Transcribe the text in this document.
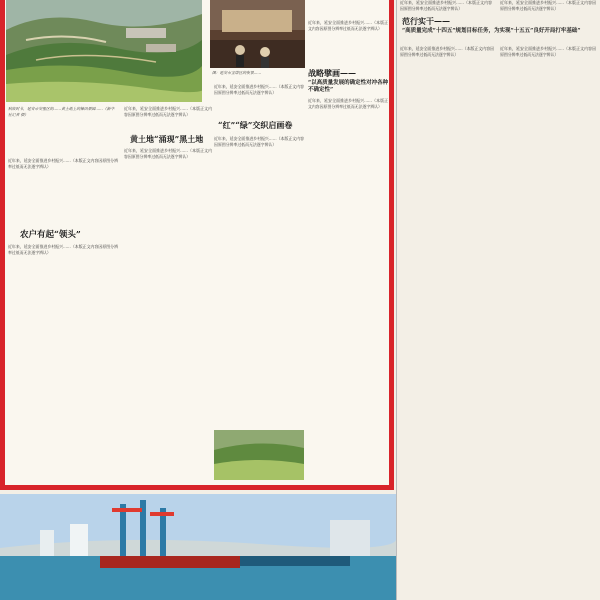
图：延安市宝塔区的夜景……
秋收时节，延安市安塞区的……黄土地上的梯田果园……（新华社记者 摄）
近年来，延安全面推进乡村振兴……（本版正文内容因原图分辨率过低而无法逐字辨认）
农户有起“领头”
近年来，延安全面推进乡村振兴……（本版正文内容因原图分辨率过低而无法逐字辨认）
近年来，延安全面推进乡村振兴……（本版正文内容因原图分辨率过低而无法逐字辨认）
黄土地“涌现”黑土地
近年来，延安全面推进乡村振兴……（本版正文内容因原图分辨率过低而无法逐字辨认）
近年来，延安全面推进乡村振兴……（本版正文内容因原图分辨率过低而无法逐字辨认）
“红”“绿”交织启画卷
近年来，延安全面推进乡村振兴……（本版正文内容因原图分辨率过低而无法逐字辨认）
近年来，延安全面推进乡村振兴……（本版正文内容因原图分辨率过低而无法逐字辨认）
战略擘画——
“以高质量发展的确定性对冲各种不确定性”
近年来，延安全面推进乡村振兴……（本版正文内容因原图分辨率过低而无法逐字辨认）
近年来，延安全面推进乡村振兴……（本版正文内容因原图分辨率过低而无法逐字辨认）
范行实干——
“高质量完成“十四五”规划目标任务，为实现“十五五”良好开局打牢基础”
近年来，延安全面推进乡村振兴……（本版正文内容因原图分辨率过低而无法逐字辨认）
近年来，延安全面推进乡村振兴……（本版正文内容因原图分辨率过低而无法逐字辨认）
近年来，延安全面推进乡村振兴……（本版正文内容因原图分辨率过低而无法逐字辨认）
